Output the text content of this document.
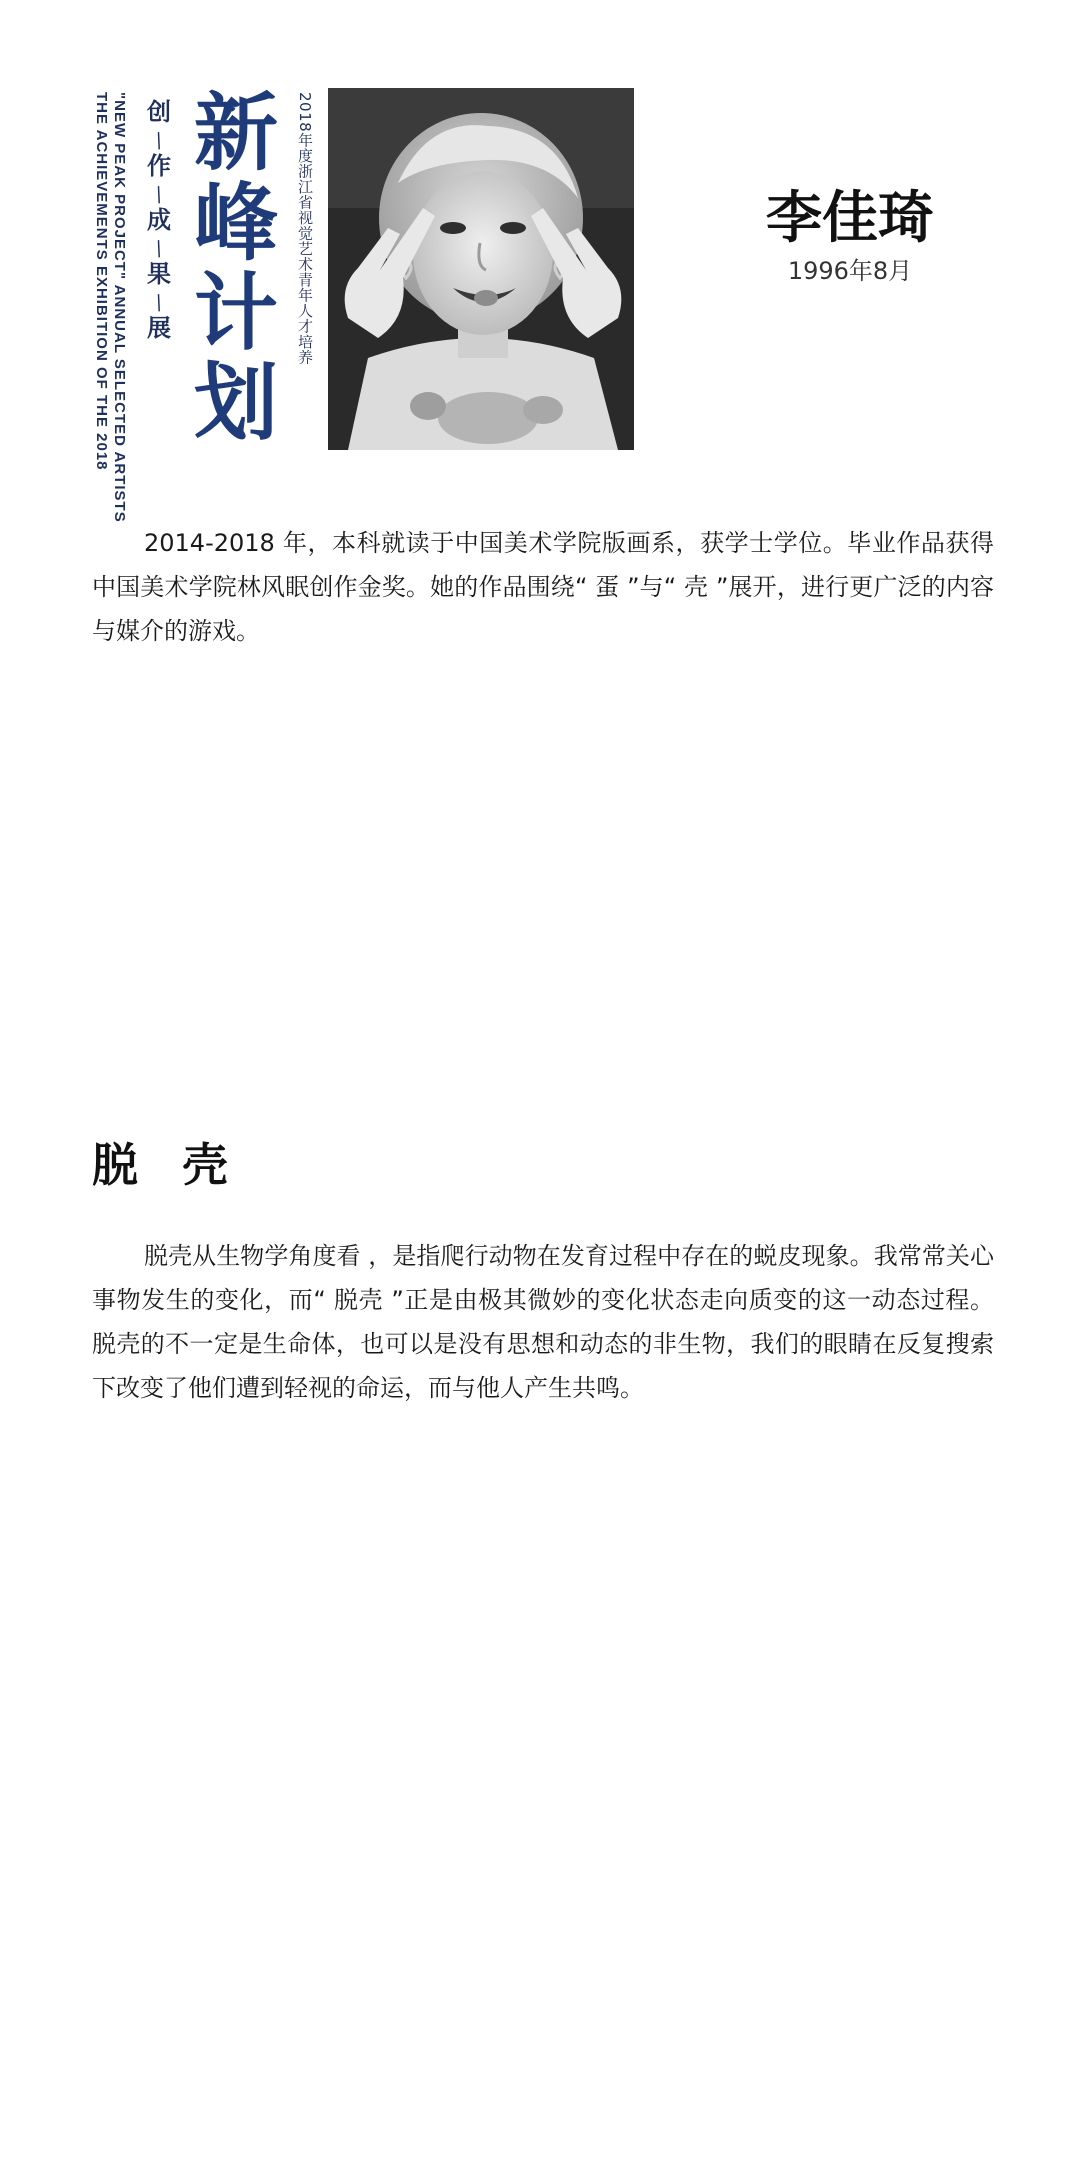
THE ACHIEVEMENTS EXHIBITION OF THE 2018 "NEW PEAK PROJECT" ANNUAL SELECTED ARTISTS 创
/
作
/
成
/
果
/
展
新
峰
计
划
2018年度浙江省视觉艺术青年人才培养	李佳琦
1996年8月

2014-2018 年，本科就读于中国美术学院版画系，获学士学位。毕业作品获得中国美术学院林风眠创作金奖。她的作品围绕“ 蛋 ”与“ 壳 ”展开，进行更广泛的内容与媒介的游戏。

脱 壳

脱壳从生物学角度看 ，是指爬行动物在发育过程中存在的蜕皮现象。我常常关心事物发生的变化，而“ 脱壳 ”正是由极其微妙的变化状态走向质变的这一动态过程。脱壳的不一定是生命体，也可以是没有思想和动态的非生物，我们的眼睛在反复搜索下改变了他们遭到轻视的命运，而与他人产生共鸣。
